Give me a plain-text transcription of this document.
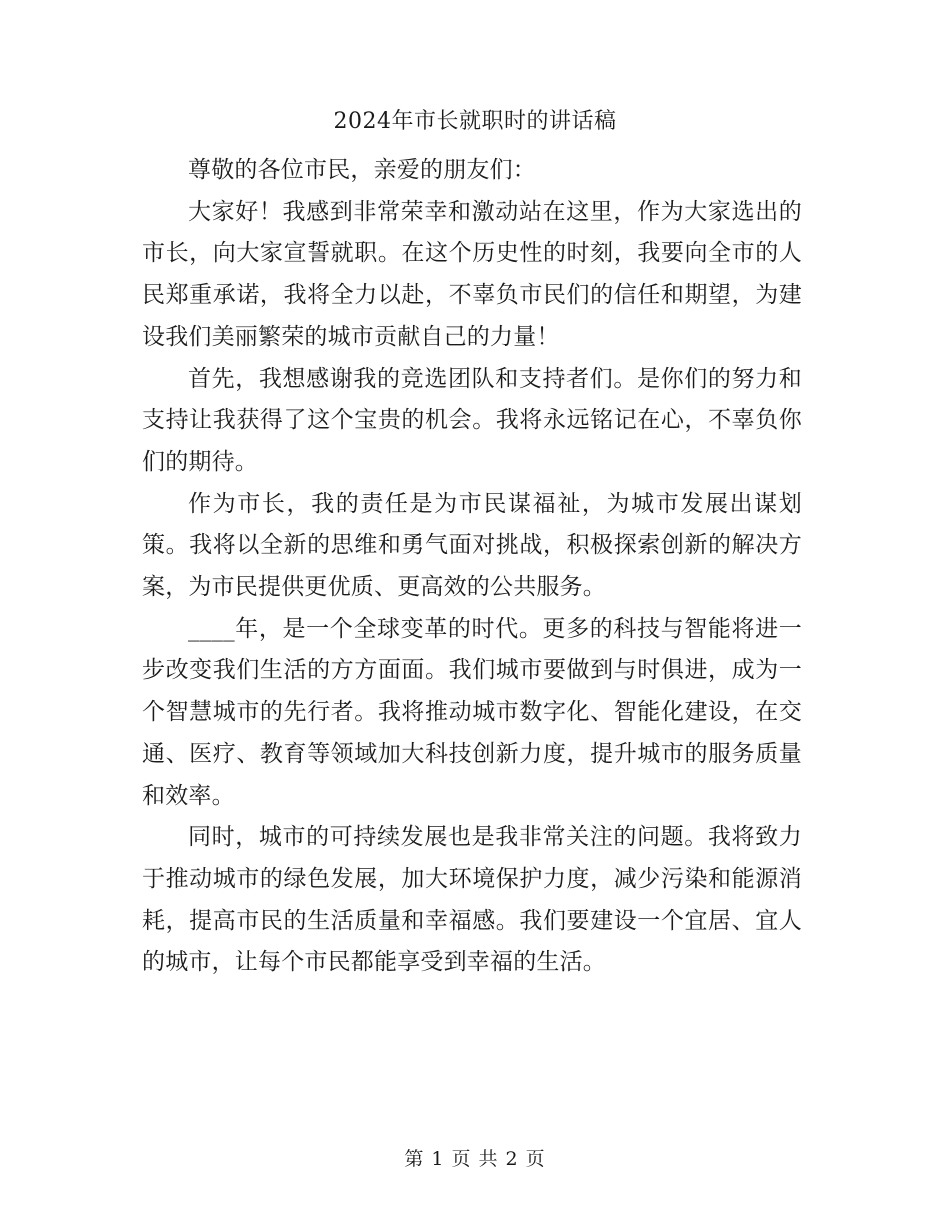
2024年市长就职时的讲话稿

尊敬的各位市民，亲爱的朋友们：

大家好！我感到非常荣幸和激动站在这里，作为大家选出的市长，向大家宣誓就职。在这个历史性的时刻，我要向全市的人民郑重承诺，我将全力以赴，不辜负市民们的信任和期望，为建设我们美丽繁荣的城市贡献自己的力量！

首先，我想感谢我的竞选团队和支持者们。是你们的努力和支持让我获得了这个宝贵的机会。我将永远铭记在心，不辜负你们的期待。

作为市长，我的责任是为市民谋福祉，为城市发展出谋划策。我将以全新的思维和勇气面对挑战，积极探索创新的解决方案，为市民提供更优质、更高效的公共服务。

____年，是一个全球变革的时代。更多的科技与智能将进一步改变我们生活的方方面面。我们城市要做到与时俱进，成为一个智慧城市的先行者。我将推动城市数字化、智能化建设，在交通、医疗、教育等领域加大科技创新力度，提升城市的服务质量和效率。

同时，城市的可持续发展也是我非常关注的问题。我将致力于推动城市的绿色发展，加大环境保护力度，减少污染和能源消耗，提高市民的生活质量和幸福感。我们要建设一个宜居、宜人的城市，让每个市民都能享受到幸福的生活。

第 1 页 共 2 页
